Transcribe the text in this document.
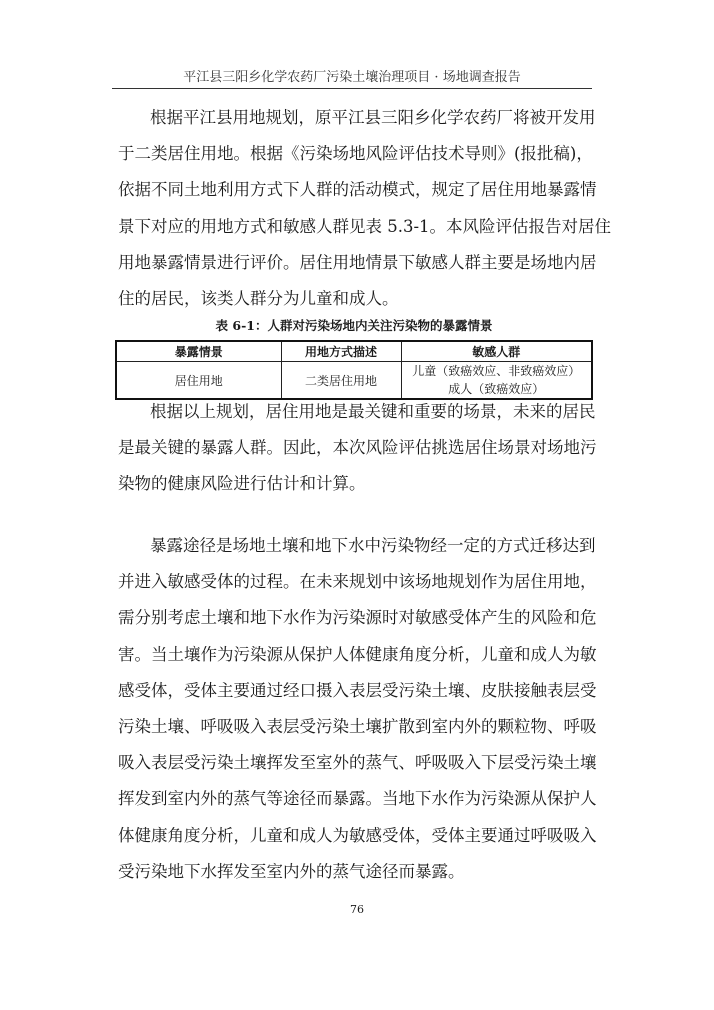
平江县三阳乡化学农药厂污染土壤治理项目 · 场地调查报告
根据平江县用地规划，原平江县三阳乡化学农药厂将被开发用
于二类居住用地。根据《污染场地风险评估技术导则》(报批稿)，
依据不同土地利用方式下人群的活动模式，规定了居住用地暴露情
景下对应的用地方式和敏感人群见表 5.3-1。本风险评估报告对居住
用地暴露情景进行评价。居住用地情景下敏感人群主要是场地内居
住的居民，该类人群分为儿童和成人。
表 6-1：人群对污染场地内关注污染物的暴露情景
暴露情景	用地方式描述	敏感人群
居住用地	二类居住用地	儿童（致癌效应、非致癌效应）
成人（致癌效应）
根据以上规划，居住用地是最关键和重要的场景，未来的居民
是最关键的暴露人群。因此，本次风险评估挑选居住场景对场地污
染物的健康风险进行估计和计算。
暴露途径是场地土壤和地下水中污染物经一定的方式迁移达到
并进入敏感受体的过程。在未来规划中该场地规划作为居住用地，
需分别考虑土壤和地下水作为污染源时对敏感受体产生的风险和危
害。当土壤作为污染源从保护人体健康角度分析，儿童和成人为敏
感受体，受体主要通过经口摄入表层受污染土壤、皮肤接触表层受
污染土壤、呼吸吸入表层受污染土壤扩散到室内外的颗粒物、呼吸
吸入表层受污染土壤挥发至室外的蒸气、呼吸吸入下层受污染土壤
挥发到室内外的蒸气等途径而暴露。当地下水作为污染源从保护人
体健康角度分析，儿童和成人为敏感受体，受体主要通过呼吸吸入
受污染地下水挥发至室内外的蒸气途径而暴露。
76
